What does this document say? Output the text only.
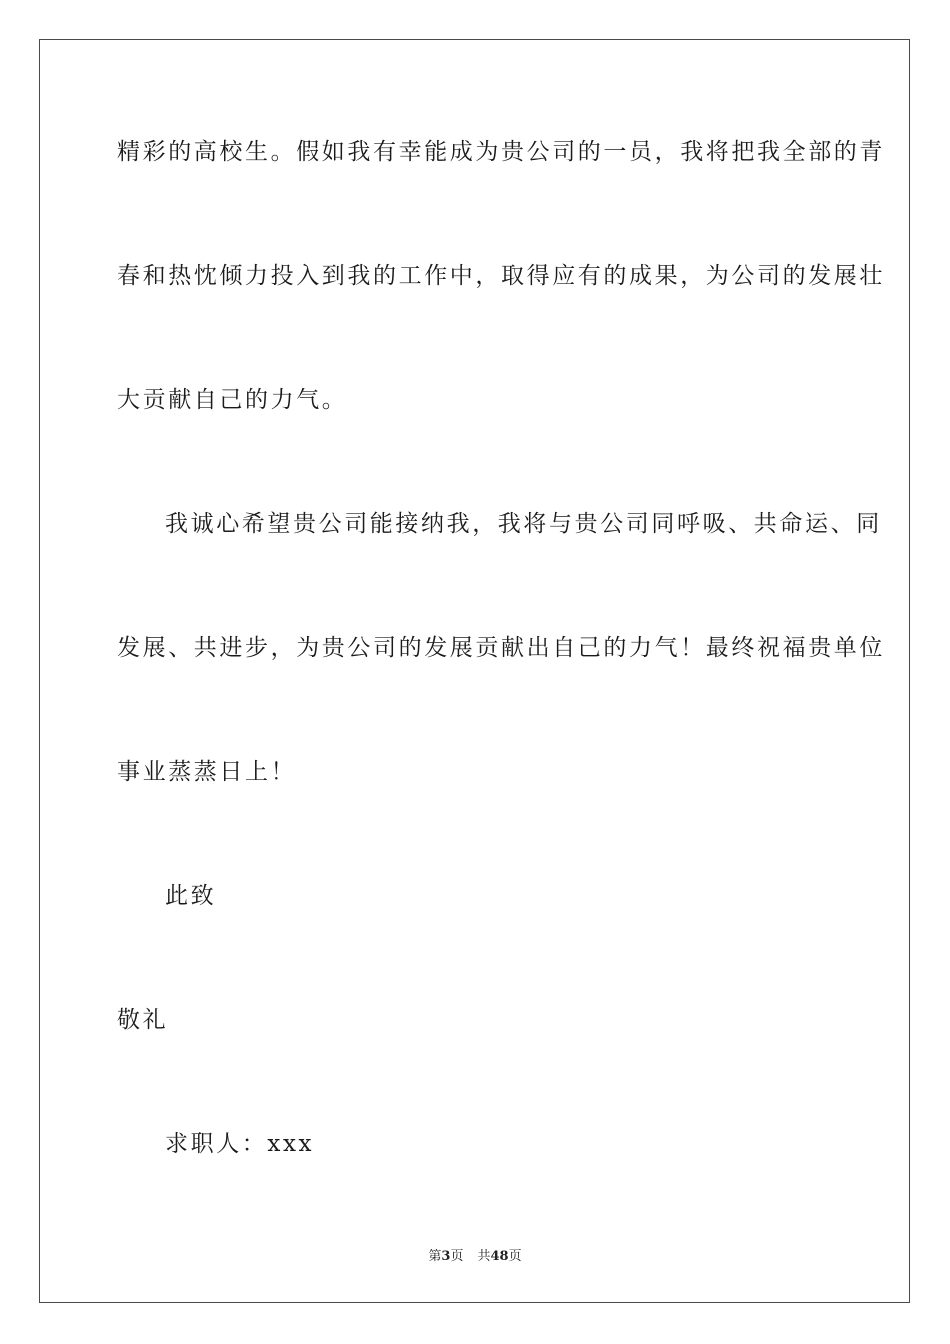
精彩的高校生。假如我有幸能成为贵公司的一员，我将把我全部的青
春和热忱倾力投入到我的工作中，取得应有的成果，为公司的发展壮
大贡献自己的力气。
我诚心希望贵公司能接纳我，我将与贵公司同呼吸、共命运、同
发展、共进步，为贵公司的发展贡献出自己的力气！最终祝福贵单位
事业蒸蒸日上！
此致
敬礼
求职人：xxx
第3页 共48页
